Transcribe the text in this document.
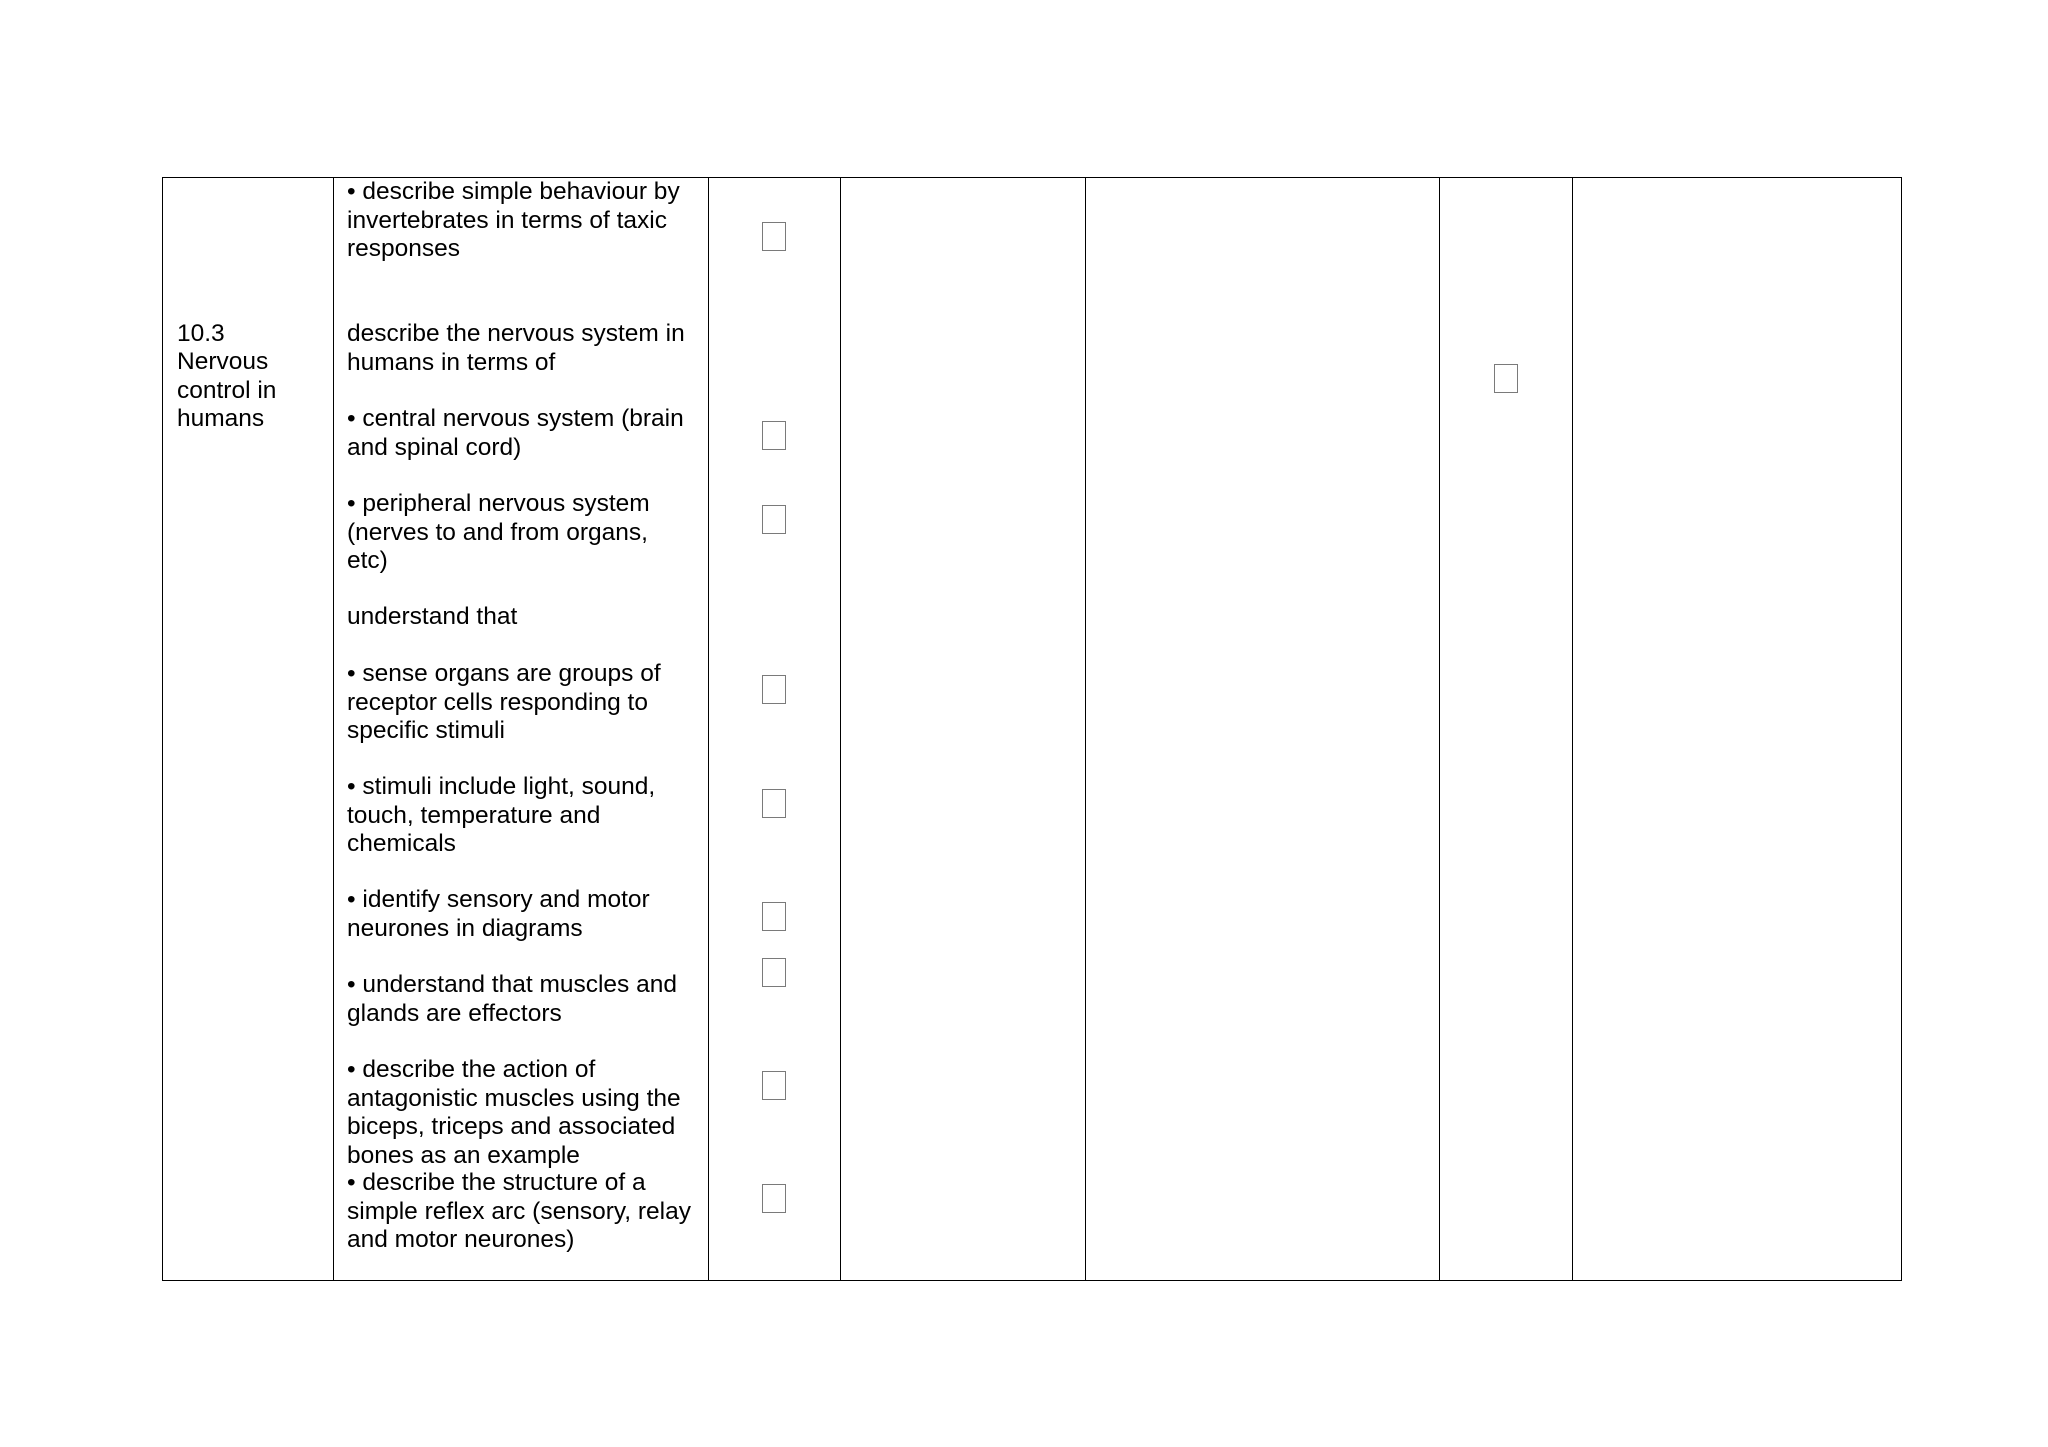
10.3
Nervous
control in
humans
• describe simple behaviour by
invertebrates in terms of taxic
responses
describe the nervous system in
humans in terms of
• central nervous system (brain
and spinal cord)
• peripheral nervous system
(nerves to and from organs,
etc)
understand that
• sense organs are groups of
receptor cells responding to
specific stimuli
• stimuli include light, sound,
touch, temperature and
chemicals
• identify sensory and motor
neurones in diagrams
• understand that muscles and
glands are effectors
• describe the action of
antagonistic muscles using the
biceps, triceps and associated
bones as an example
• describe the structure of a
simple reflex arc (sensory, relay
and motor neurones)
